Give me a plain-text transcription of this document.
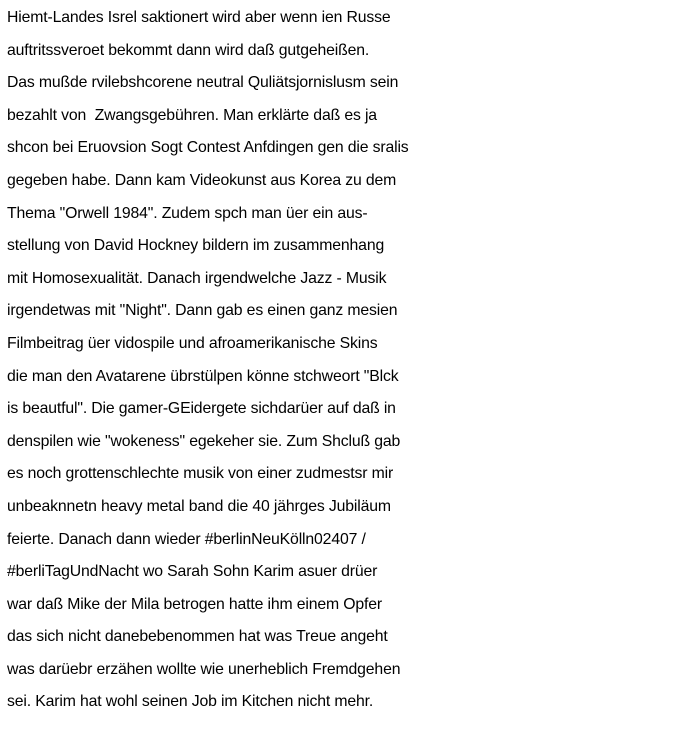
Hiemt-Landes Isrel saktionert wird aber wenn ien Russe
auftritssveroet bekommt dann wird daß gutgeheißen.
Das mußde rvilebshcorene neutral Quliätsjornislusm sein
bezahlt von  Zwangsgebühren. Man erklärte daß es ja
shcon bei Eruovsion Sogt Contest Anfdingen gen die sralis
gegeben habe. Dann kam Videokunst aus Korea zu dem
Thema "Orwell 1984". Zudem spch man üer ein aus-
stellung von David Hockney bildern im zusammenhang
mit Homosexualität. Danach irgendwelche Jazz - Musik
irgendetwas mit "Night". Dann gab es einen ganz mesien
Filmbeitrag üer vidospile und afroamerikanische Skins
die man den Avatarene übrstülpen könne stchweort "Blck
is beautful". Die gamer-GEidergete sichdarüer auf daß in
denspilen wie "wokeness" egekeher sie. Zum Shcluß gab
es noch grottenschlechte musik von einer zudmestsr mir
unbeaknnetn heavy metal band die 40 jährges Jubiläum
feierte. Danach dann wieder #berlinNeuKölln02407 /
#berliTagUndNacht wo Sarah Sohn Karim asuer drüer
war daß Mike der Mila betrogen hatte ihm einem Opfer
das sich nicht danebebenommen hat was Treue angeht
was darüebr erzähen wollte wie unerheblich Fremdgehen
sei. Karim hat wohl seinen Job im Kitchen nicht mehr.
